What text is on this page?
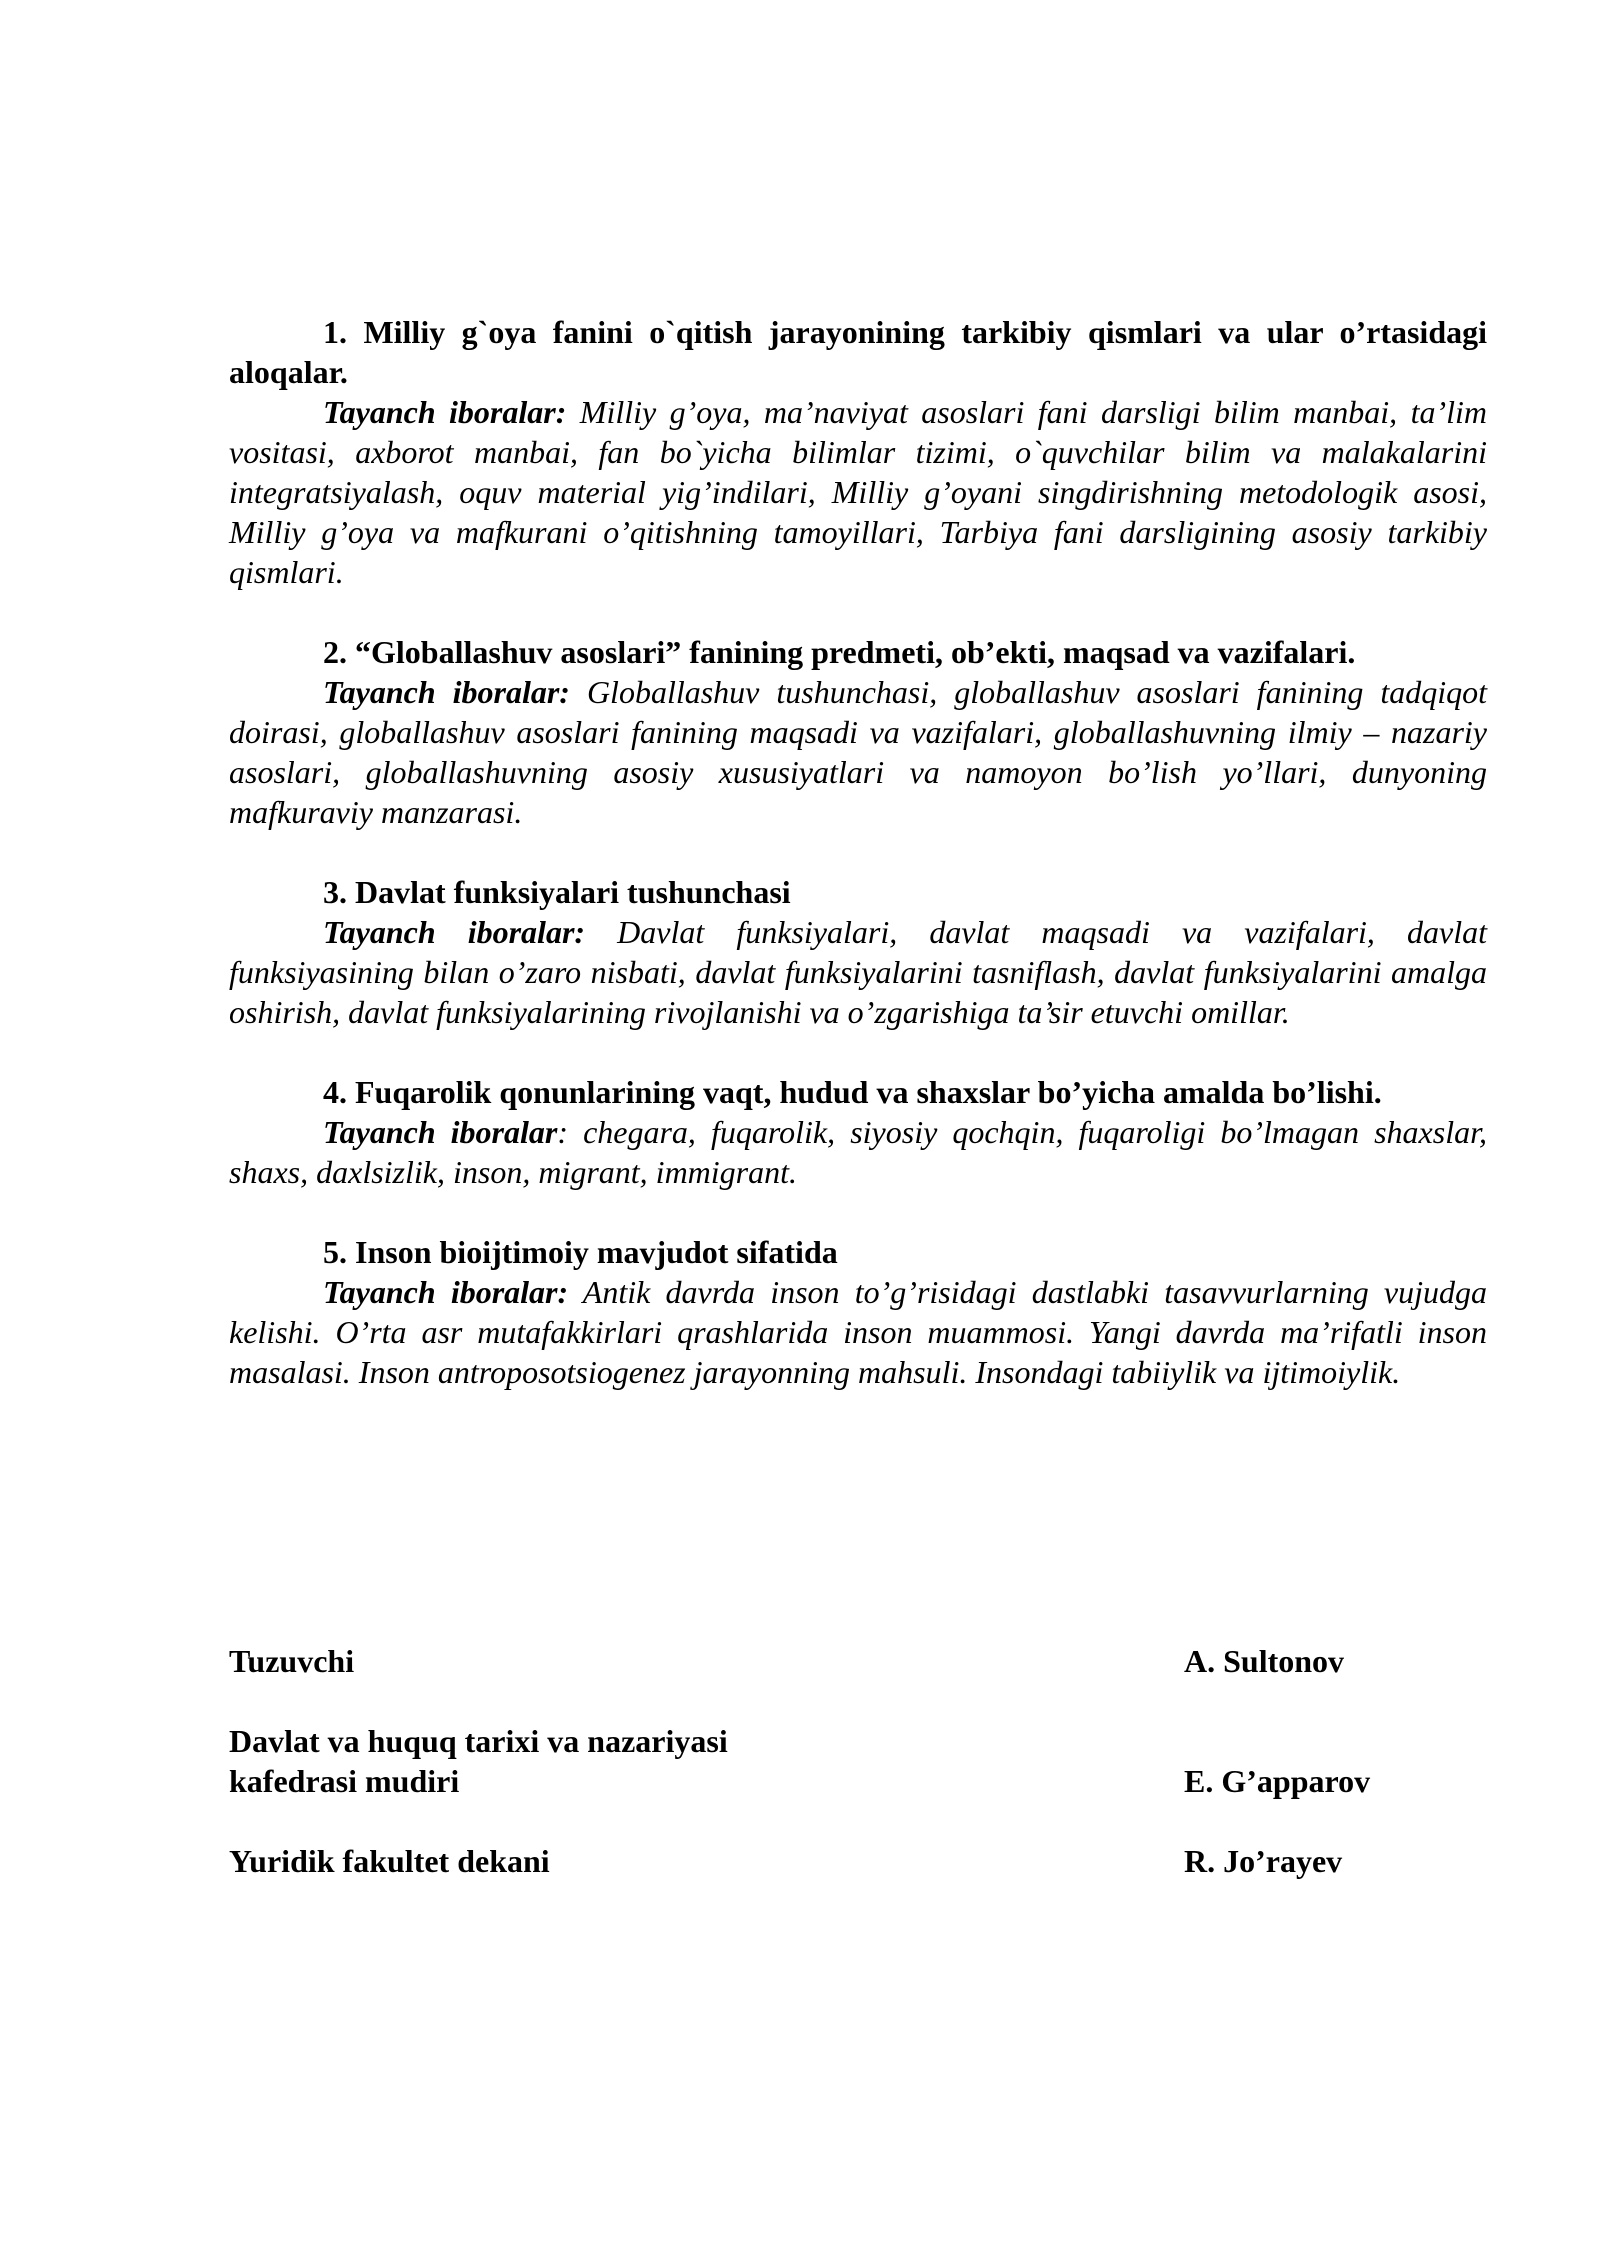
1. Milliy g`oya fanini o`qitish jarayonining tarkibiy qismlari va ular o’rtasidagi aloqalar.

Tayanch iboralar: Milliy g’oya, ma’naviyat asoslari fani darsligi bilim manbai, ta’lim vositasi, axborot manbai, fan bo`yicha bilimlar tizimi, o`quvchilar bilim va malakalarini integratsiyalash, oquv material yig’indilari, Milliy g’oyani singdirishning metodologik asosi, Milliy g’oya va mafkurani o’qitishning tamoyillari, Tarbiya fani darsligining asosiy tarkibiy qismlari.

2. “Globallashuv asoslari” fanining predmeti, ob’ekti, maqsad va vazifalari.

Tayanch iboralar: Globallashuv tushunchasi, globallashuv asoslari fanining tadqiqot doirasi, globallashuv asoslari fanining maqsadi va vazifalari, globallashuvning ilmiy – nazariy asoslari, globallashuvning asosiy xususiyatlari va namoyon bo’lish yo’llari, dunyoning mafkuraviy manzarasi.

3. Davlat funksiyalari tushunchasi

Tayanch iboralar: Davlat funksiyalari, davlat maqsadi va vazifalari, davlat funksiyasining bilan o’zaro nisbati, davlat funksiyalarini tasniflash, davlat funksiyalarini amalga oshirish, davlat funksiyalarining rivojlanishi va o’zgarishiga ta’sir etuvchi omillar.

4. Fuqarolik qonunlarining vaqt, hudud va shaxslar bo’yicha amalda bo’lishi.

Tayanch iboralar: chegara, fuqarolik, siyosiy qochqin, fuqaroligi bo’lmagan shaxslar, shaxs, daxlsizlik, inson, migrant, immigrant.

5. Inson bioijtimoiy mavjudot sifatida

Tayanch iboralar: Antik davrda inson to’g’risidagi dastlabki tasavvurlarning vujudga kelishi. O’rta asr mutafakkirlari qrashlarida inson muammosi. Yangi davrda ma’rifatli inson masalasi. Inson antroposotsiogenez jarayonning mahsuli. Insondagi tabiiylik va ijtimoiylik.

Tuzuvchi	A. Sultonov
Davlat va huquq tarixi va nazariyasi
kafedrasi mudiri	E. G’apparov
Yuridik fakultet dekani	R. Jo’rayev
